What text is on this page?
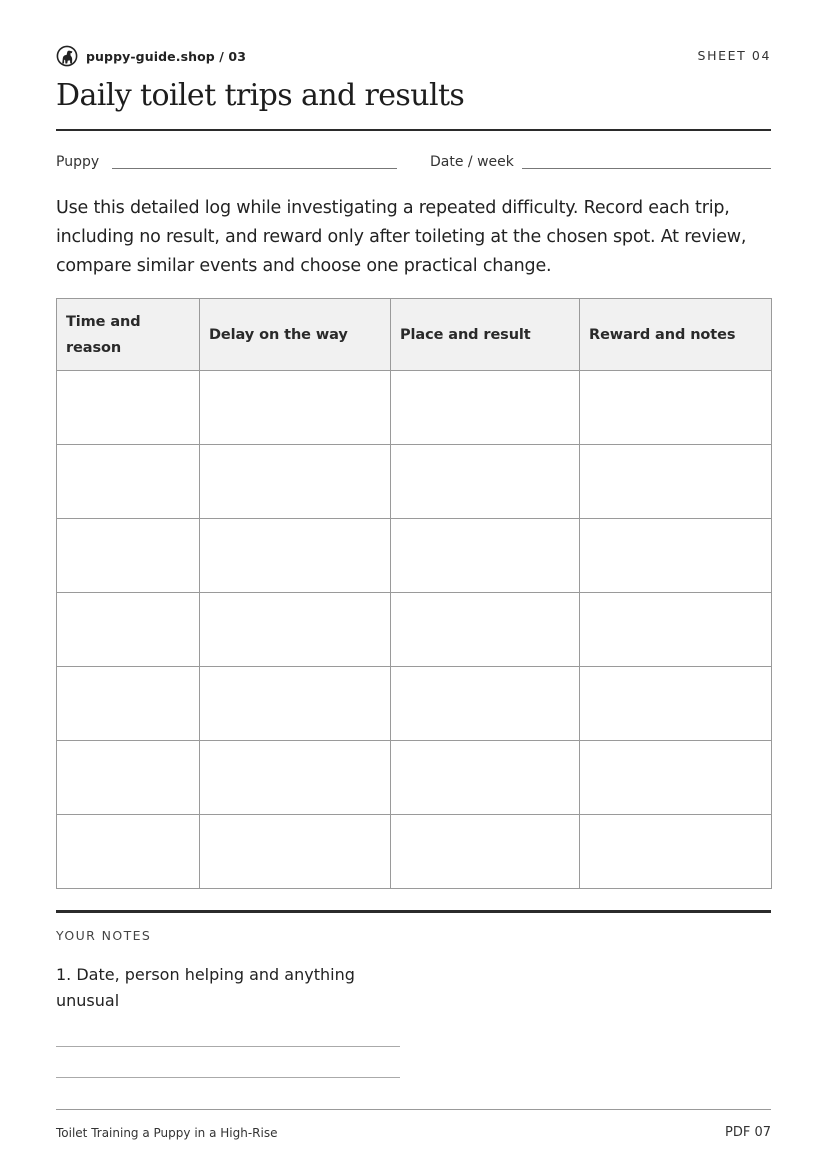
puppy-guide.shop / 03	SHEET 04
Daily toilet trips and results
Puppy	Date / week

Use this detailed log while investigating a repeated difficulty. Record each trip, including no result, and reward only after toileting at the chosen spot. At review, compare similar events and choose one practical change.

Time and reason	Delay on the way	Place and result	Reward and notes

YOUR NOTES

1. Date, person helping and anything unusual

Toilet Training a Puppy in a High-Rise	PDF 07
